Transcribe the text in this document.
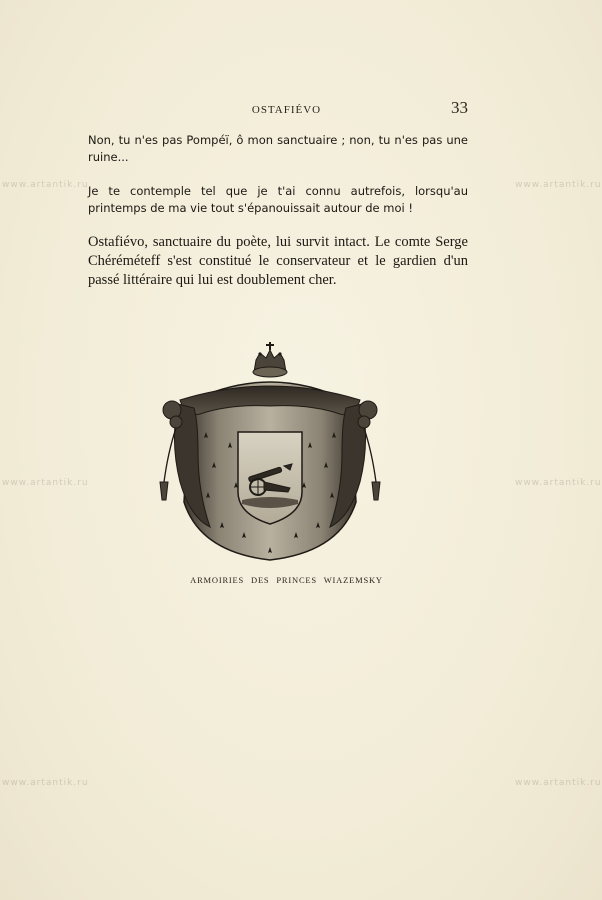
OSTAFIÉVO	33
Non, tu n'es pas Pompéï, ô mon sanctuaire ; non, tu n'es pas une ruine...
Je te contemple tel que je t'ai connu autrefois, lorsqu'au printemps de ma vie tout s'épanouissait autour de moi !
Ostafiévo, sanctuaire du poète, lui survit intact. Le comte Serge Chéréméteff s'est constitué le conservateur et le gardien d'un passé littéraire qui lui est doublement cher.
ARMOIRIES DES PRINCES WIAZEMSKY
www.artantik.ru	www.artantik.ru
www.artantik.ru	www.artantik.ru
www.artantik.ru	www.artantik.ru
